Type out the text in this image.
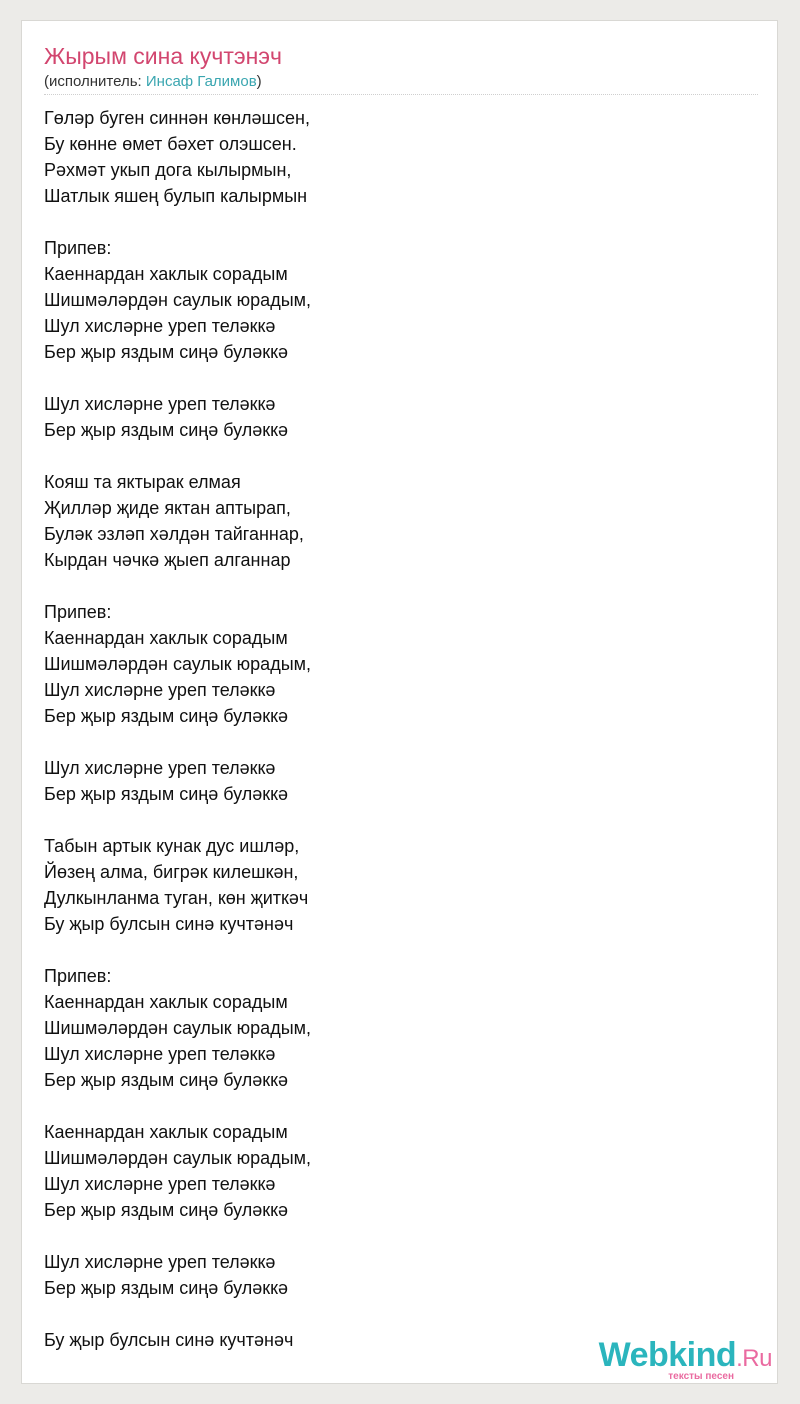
Жырым сина кучтэнэч
(исполнитель: Инсаф Галимов)
Гөләр буген синнән көнләшсен,
Бу көнне өмет бәхет олэшсен.
Рәхмәт укып дога кылырмын,
Шатлык яшең булып калырмын
Припев:
Каеннардан хаклык сорадым
Шишмәләрдән саулык юрадым,
Шул хисләрне уреп теләккә
Бер җыр яздым сиңә буләккә
Шул хисләрне уреп теләккә
Бер җыр яздым сиңә буләккә
Кояш та яктырак елмая
Җилләр җиде яктан аптырап,
Буләк эзләп хәлдән тайганнар,
Кырдан чәчкә җыеп алганнар
Припев:
Каеннардан хаклык сорадым
Шишмәләрдән саулык юрадым,
Шул хисләрне уреп теләккә
Бер җыр яздым сиңә буләккә
Шул хисләрне уреп теләккә
Бер җыр яздым сиңә буләккә
Табын артык кунак дус ишләр,
Йөзең алма, бигрәк килешкән,
Дулкынланма туган, көн җиткәч
Бу җыр булсын синә кучтәнәч
Припев:
Каеннардан хаклык сорадым
Шишмәләрдән саулык юрадым,
Шул хисләрне уреп теләккә
Бер җыр яздым сиңә буләккә
Каеннардан хаклык сорадым
Шишмәләрдән саулык юрадым,
Шул хисләрне уреп теләккә
Бер җыр яздым сиңә буләккә
Шул хисләрне уреп теләккә
Бер җыр яздым сиңә буләккә
Бу җыр булсын синә кучтәнәч	Webkind.Ru
тексты песен
